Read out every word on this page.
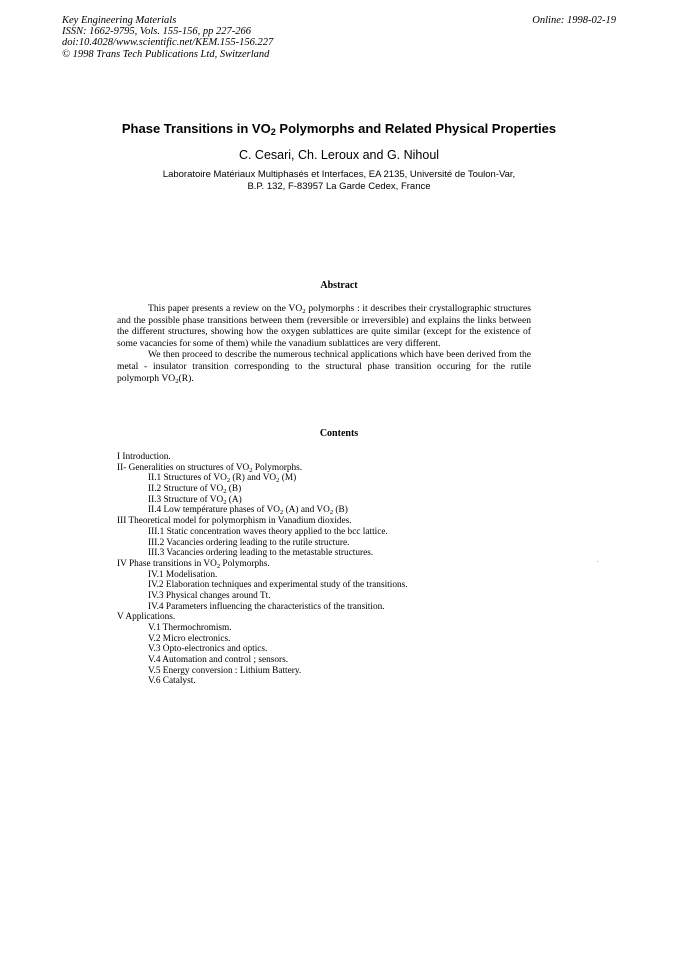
Key Engineering Materials
ISSN: 1662-9795, Vols. 155-156, pp 227-266
doi:10.4028/www.scientific.net/KEM.155-156.227
© 1998 Trans Tech Publications Ltd, Switzerland
Online: 1998-02-19
Phase Transitions in $VO_2$ Polymorphs and Related Physical Properties
C. Cesari, Ch. Leroux and G. Nihoul
Laboratoire Matériaux Multiphasés et Interfaces, EA 2135, Université de Toulon-Var,
B.P. 132, F-83957 La Garde Cedex, France
Abstract

This paper presents a review on the $VO_2$ polymorphs : it describes their crystallographic structures and the possible phase transitions between them (reversible or irreversible) and explains the links between the different structures, showing how the oxygen sublattices are quite similar (except for the existence of some vacancies for some of them) while the vanadium sublattices are very different.

We then proceed to describe the numerous technical applications which have been derived from the metal - insulator transition corresponding to the structural phase transition occuring for the rutile polymorph $VO_2(R)$.

Contents
I Introduction.
II- Generalities on structures of $VO_2$ Polymorphs.
II.1 Structures of $VO_2$ (R) and $VO_2$ (M)
II.2 Structure of $VO_2$ (B)
II.3 Structure of $VO_2$ (A)
II.4 Low température phases of $VO_2$ (A) and $VO_2$ (B)
III Theoretical model for polymorphism in Vanadium dioxides.
III.1 Static concentration waves theory applied to the bcc lattice.
III.2 Vacancies ordering leading to the rutile structure.
III.3 Vacancies ordering leading to the metastable structures.
IV Phase transitions in $VO_2$ Polymorphs.
IV.1 Modelisation.
IV.2 Elaboration techniques and experimental study of the transitions.
IV.3 Physical changes around Tt.
IV.4 Parameters influencing the characteristics of the transition.
V Applications.
V.1 Thermochromism.
V.2 Micro electronics.
V.3 Opto-electronics and optics.
V.4 Automation and control ; sensors.
V.5 Energy conversion : Lithium Battery.
V.6 Catalyst.
